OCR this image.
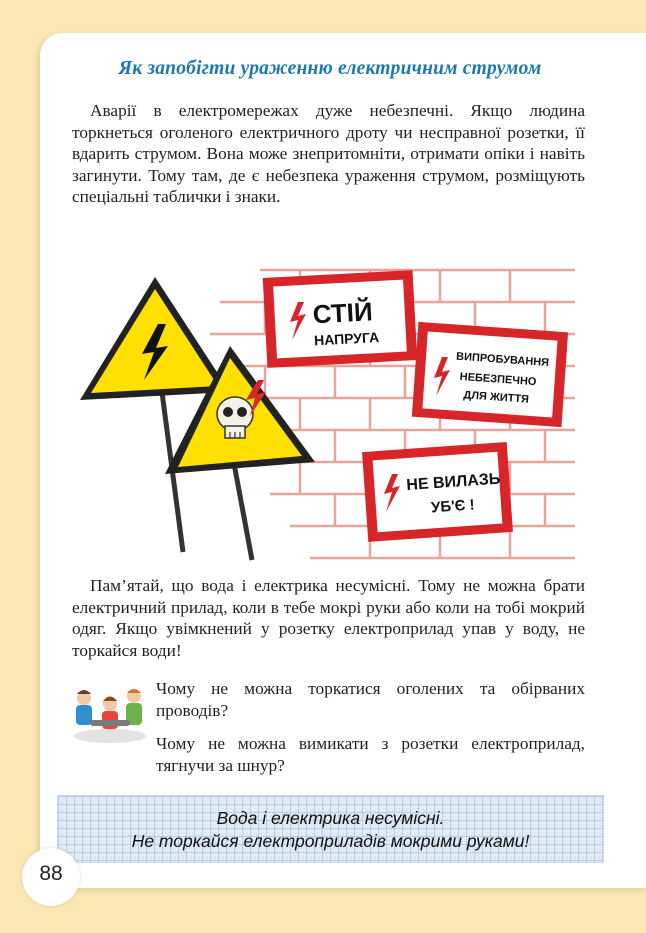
Як запобігти ураженню електричним струмом

Аварії в електромережах дуже небезпечні. Якщо людина торкнеться оголеного електричного дроту чи несправної розетки, її вдарить струмом. Вона може знепритомніти, отримати опіки і навіть загинути. Тому там, де є небезпека ураження струмом, розміщують спеціальні таблички і знаки.

СТІЙ
НАПРУГА
ВИПРОБУВАННЯ
НЕБЕЗПЕЧНО
ДЛЯ ЖИТТЯ
НЕ ВИЛАЗЬ
УБ'Є !

Пам’ятай, що вода і електрика несумісні. Тому не можна брати електричний прилад, коли в тебе мокрі руки або коли на тобі мокрий одяг. Якщо увімкнений у розетку електроприлад упав у воду, не торкайся води!

Чому не можна торкатися оголених та обірваних проводів?

Чому не можна вимикати з розетки електроприлад, тягнучи за шнур?

Вода і електрика несумісні.
Не торкайся електроприладів мокрими руками!
88
